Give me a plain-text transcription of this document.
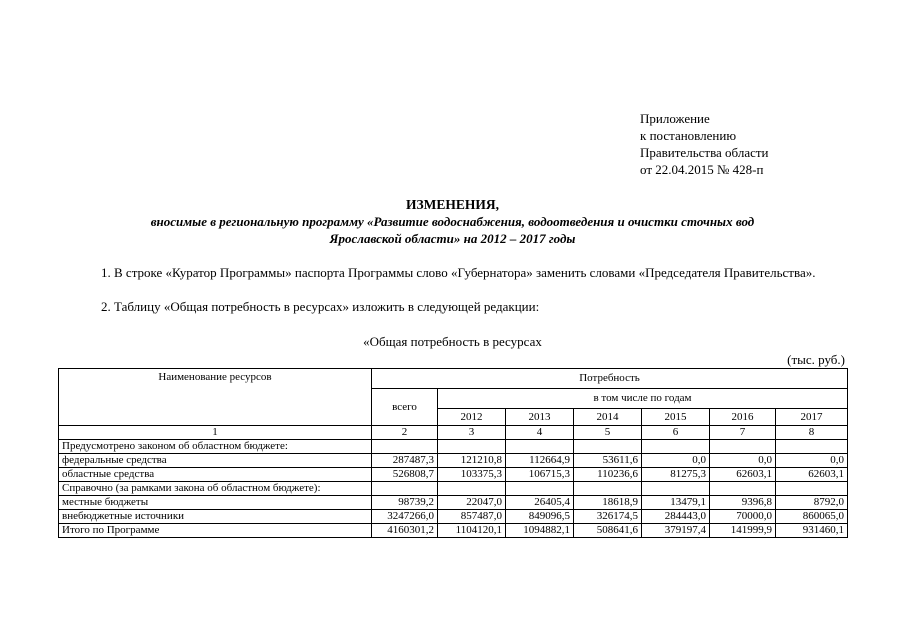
Приложение
к постановлению
Правительства области
от 22.04.2015 № 428-п
ИЗМЕНЕНИЯ,
вносимые в региональную программу «Развитие водоснабжения, водоотведения и очистки сточных вод
Ярославской области» на 2012 – 2017 годы
1. В строке «Куратор Программы» паспорта Программы слово «Губернатора» заменить словами «Председателя Правительства».
2. Таблицу «Общая потребность в ресурсах» изложить в следующей редакции:
«Общая потребность в ресурсах
(тыс. руб.)
Наименование ресурсов	Потребность						
	всего	в том числе по годам					
		2012	2013	2014	2015	2016	2017
1	2	3	4	5	6	7	8
Предусмотрено законом об областном бюджете:							
федеральные средства	287487,3	121210,8	112664,9	53611,6	0,0	0,0	0,0
областные средства	526808,7	103375,3	106715,3	110236,6	81275,3	62603,1	62603,1
Справочно (за рамками закона об областном бюджете):							
местные бюджеты	98739,2	22047,0	26405,4	18618,9	13479,1	9396,8	8792,0
внебюджетные источники	3247266,0	857487,0	849096,5	326174,5	284443,0	70000,0	860065,0
Итого по Программе	4160301,2	1104120,1	1094882,1	508641,6	379197,4	141999,9	931460,1
